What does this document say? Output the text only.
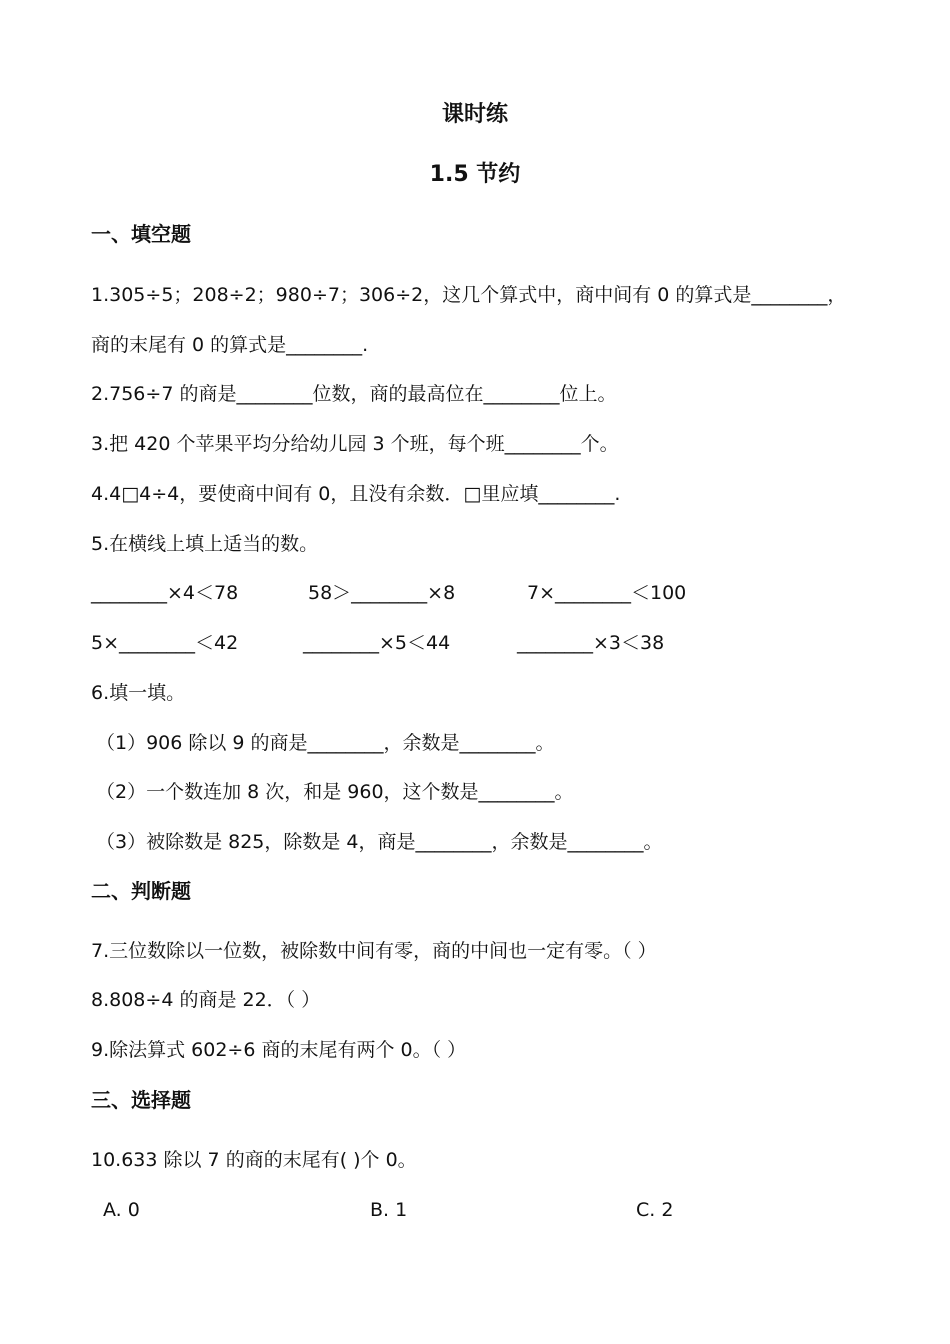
课时练
1.5 节约
一、填空题
1.305÷5；208÷2；980÷7；306÷2，这几个算式中，商中间有 0 的算式是________，
商的末尾有 0 的算式是________.
2.756÷7 的商是________位数，商的最高位在________位上。
3.把 420 个苹果平均分给幼儿园 3 个班，每个班________个。
4.4□4÷4，要使商中间有 0，且没有余数．□里应填________.
5.在横线上填上适当的数。
________×4＜78	58＞________×8	7×________＜100
5×________＜42	________×5＜44	________×3＜38
6.填一填。
（1）906 除以 9 的商是________，余数是________。
（2）一个数连加 8 次，和是 960，这个数是________。
（3）被除数是 825，除数是 4，商是________，余数是________。
二、判断题
7.三位数除以一位数，被除数中间有零，商的中间也一定有零。（ ）
8.808÷4 的商是 22．（ ）
9.除法算式 602÷6 商的末尾有两个 0。（ ）
三、选择题
10.633 除以 7 的商的末尾有( )个 0。
A. 0	B. 1	C. 2
